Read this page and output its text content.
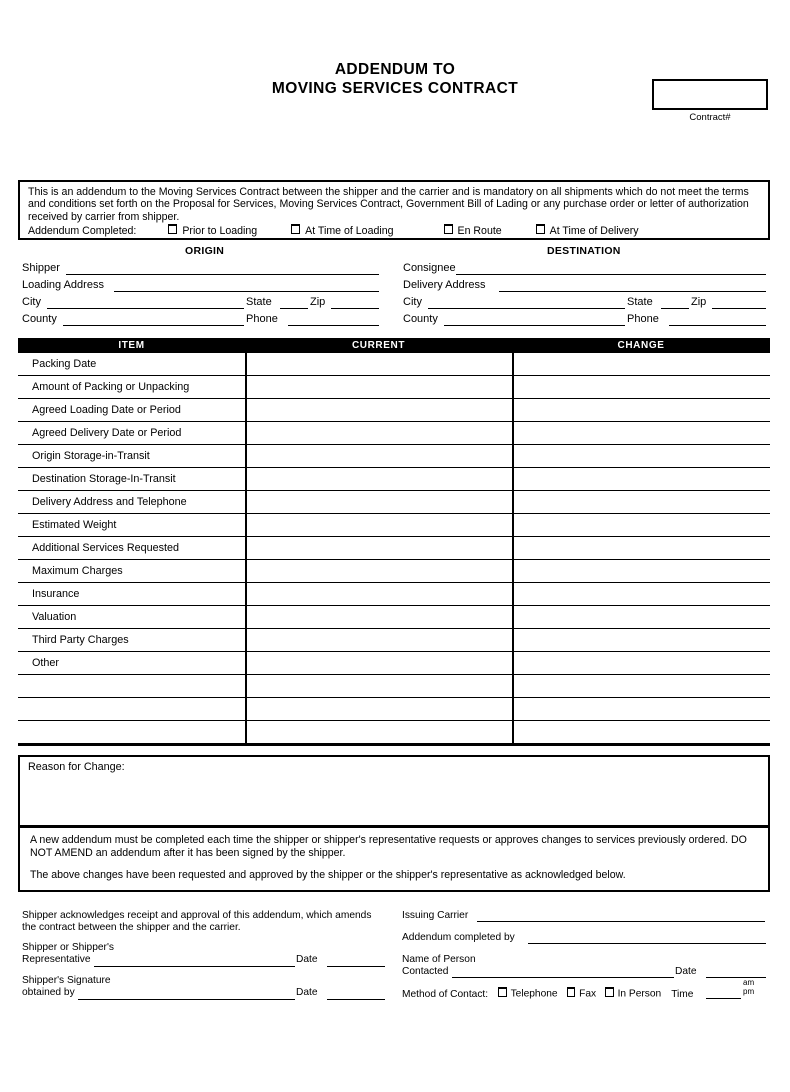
ADDENDUM TO
MOVING SERVICES CONTRACT
Contract#
This is an addendum to the Moving Services Contract between the shipper and the carrier and is mandatory on all shipments which do not meet the terms and conditions set forth on the Proposal for Services, Moving Services Contract, Government Bill of Lading or any purchase order or letter of authorization received by carrier from shipper.
Addendum Completed:	Prior to Loading	At Time of Loading	En Route	At Time of Delivery
ORIGIN
Shipper
Loading Address
City	State	Zip
County	Phone
DESTINATION
Consignee
Delivery Address
City	State	Zip
County	Phone
ITEM	CURRENT	CHANGE
Packing Date
Amount of Packing or Unpacking
Agreed Loading Date or Period
Agreed Delivery Date or Period
Origin Storage-in-Transit
Destination Storage-In-Transit
Delivery Address and Telephone
Estimated Weight
Additional Services Requested
Maximum Charges
Insurance
Valuation
Third Party Charges
Other
Reason for Change:

A new addendum must be completed each time the shipper or shipper's representative requests or approves changes to services previously ordered. DO NOT AMEND an addendum after it has been signed by the shipper.

The above changes have been requested and approved by the shipper or the shipper's representative as acknowledged below.

Shipper acknowledges receipt and approval of this addendum, which amends
the contract between the shipper and the carrier.
Shipper or Shipper's
Representative	Date
Shipper's Signature
obtained by	Date
Issuing Carrier
Addendum completed by
Name of Person
Contacted	Date
Method of Contact:	Telephone	Fax	In Person Time
am
pm
